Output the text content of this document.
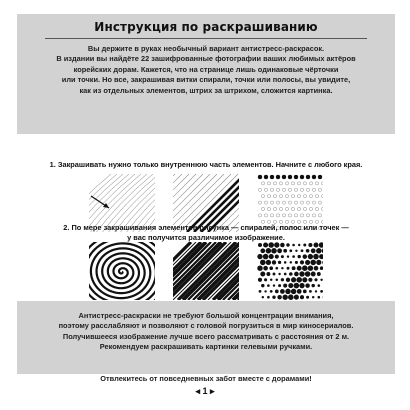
Инструкция по раскрашиванию
Вы держите в руках необычный вариант антистресс-раскрасок.
В издании вы найдёте 22 зашифрованные фотографии ваших любимых актёров
корейских дорам. Кажется, что на странице лишь одинаковые чёрточки
или точки. Но все, закрашивая витки спирали, точки или полосы, вы увидите,
как из отдельных элементов, штрих за штрихом, сложится картинка.
1. Закрашивать нужно только внутреннюю часть элементов. Начните с любого края.
2. По мере закрашивания элементов рисунка — спиралей, полос или точек —
у вас получится различимое изображение.
Антистресс-раскраски не требуют большой концентрации внимания,
поэтому расслабляют и позволяют с головой погрузиться в мир киносериалов.
Получившееся изображение лучше всего рассматривать с расстояния от 2 м.
Рекомендуем раскрашивать картинки гелевыми ручками.
Отвлекитесь от повседневных забот вместе с дорамами!
◂ 1 ▸
